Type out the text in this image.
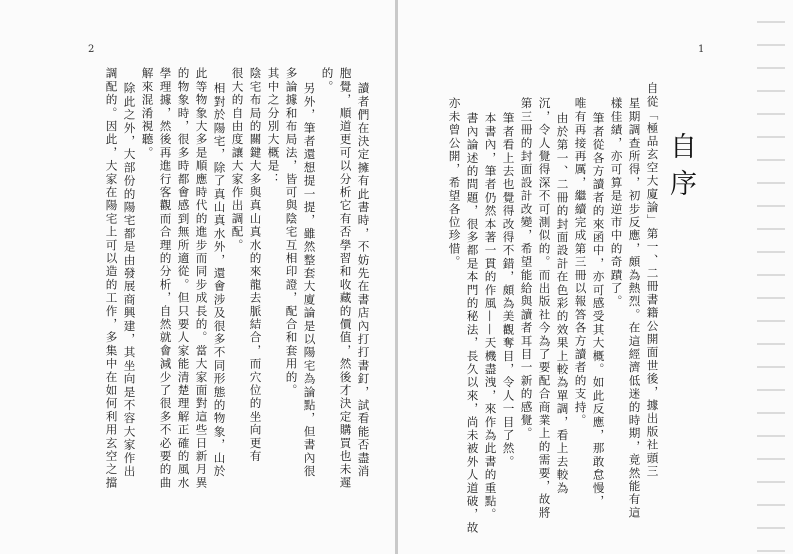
2	1
自序
自從「極品玄空大廈論」第一、二冊書籍公開面世後，據出版社頭三
星期調查所得，初步反應，頗為熱烈。在這經濟低迷的時期，竟然能有這
樣佳績，亦可算是逆市中的奇蹟了。
筆者從各方讀者的來函中，亦可感受其大概。如此反應，那敢怠慢，
唯有再接再厲，繼續完成第三冊以報答各方讀者的支持。
由於第一、二冊的封面設計在色彩的效果上較為單調，看上去較為
沉，令人覺得深不可測似的。而出版社今為了要配合商業上的需要，故將
第三冊的封面設計改變，希望能給與讀者耳目一新的感覺。
筆者看上去也覺得改得不錯，頗為美觀奪目，令人一目了然。
本書內，筆者仍然本著一貫的作風——天機盡洩，來作為此書的重點。
書內論述的問題，很多都是本門的秘法，長久以來，尚未被外人道破，故
亦未曾公開，希望各位珍惜。
讀者們在決定擁有此書時，不妨先在書店內打打書釘，試看能否盡消
胞覺，順道更可以分析它有否學習和收藏的價值，然後才決定購買也未遲
的。
另外，筆者還想提一提，雖然整套大廈論是以陽宅為論點，但書內很
多論據和布局法，皆可與陰宅互相印證，配合和套用的。
其中之分別大概是：
陰宅布局的關鍵大多與真山真水的來龍去脈結合，而穴位的坐向更有
很大的自由度讓大家作出調配。
相對於陽宅，除了真山真水外，還會涉及很多不同形態的物象，山於
此等物象大多是順應時代的進步而同步成長的。當大家面對這些日新月異
的物象時，很多時都會感到無所適從。但只要人家能清楚理解正確的風水
學理據，然後再進行客觀而合理的分析，自然就會減少了很多不必要的曲
解來混淆視聽。
除此之外，大部份的陽宅都是由發展商興建，其坐向是不容大家作出
調配的。因此，大家在陽宅上可以造的工作，多集中在如何利用玄空之擋
